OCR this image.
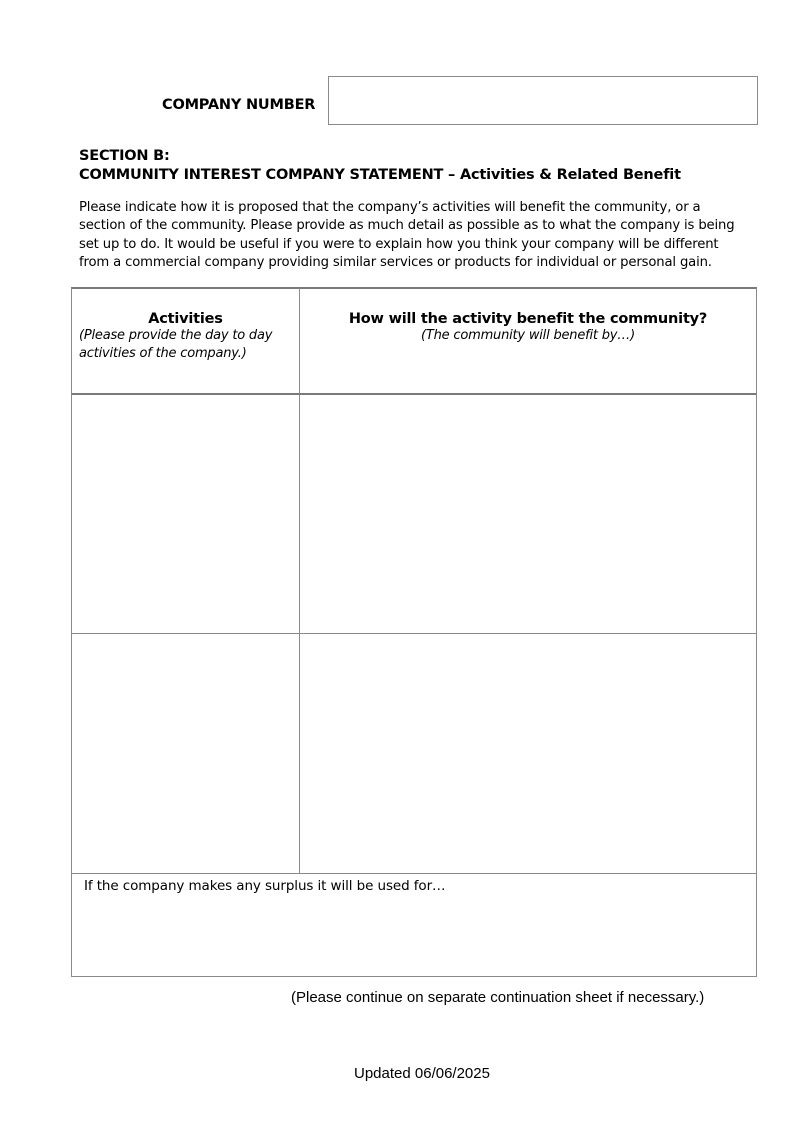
COMPANY NUMBER
SECTION B:
COMMUNITY INTEREST COMPANY STATEMENT – Activities & Related Benefit
Please indicate how it is proposed that the company’s activities will benefit the community, or a
section of the community. Please provide as much detail as possible as to what the company is being
set up to do. It would be useful if you were to explain how you think your company will be different
from a commercial company providing similar services or products for individual or personal gain.
Activities
(Please provide the day to day
activities of the company.)
How will the activity benefit the community?
(The community will benefit by…)
If the company makes any surplus it will be used for…
(Please continue on separate continuation sheet if necessary.)
Updated 06/06/2025
